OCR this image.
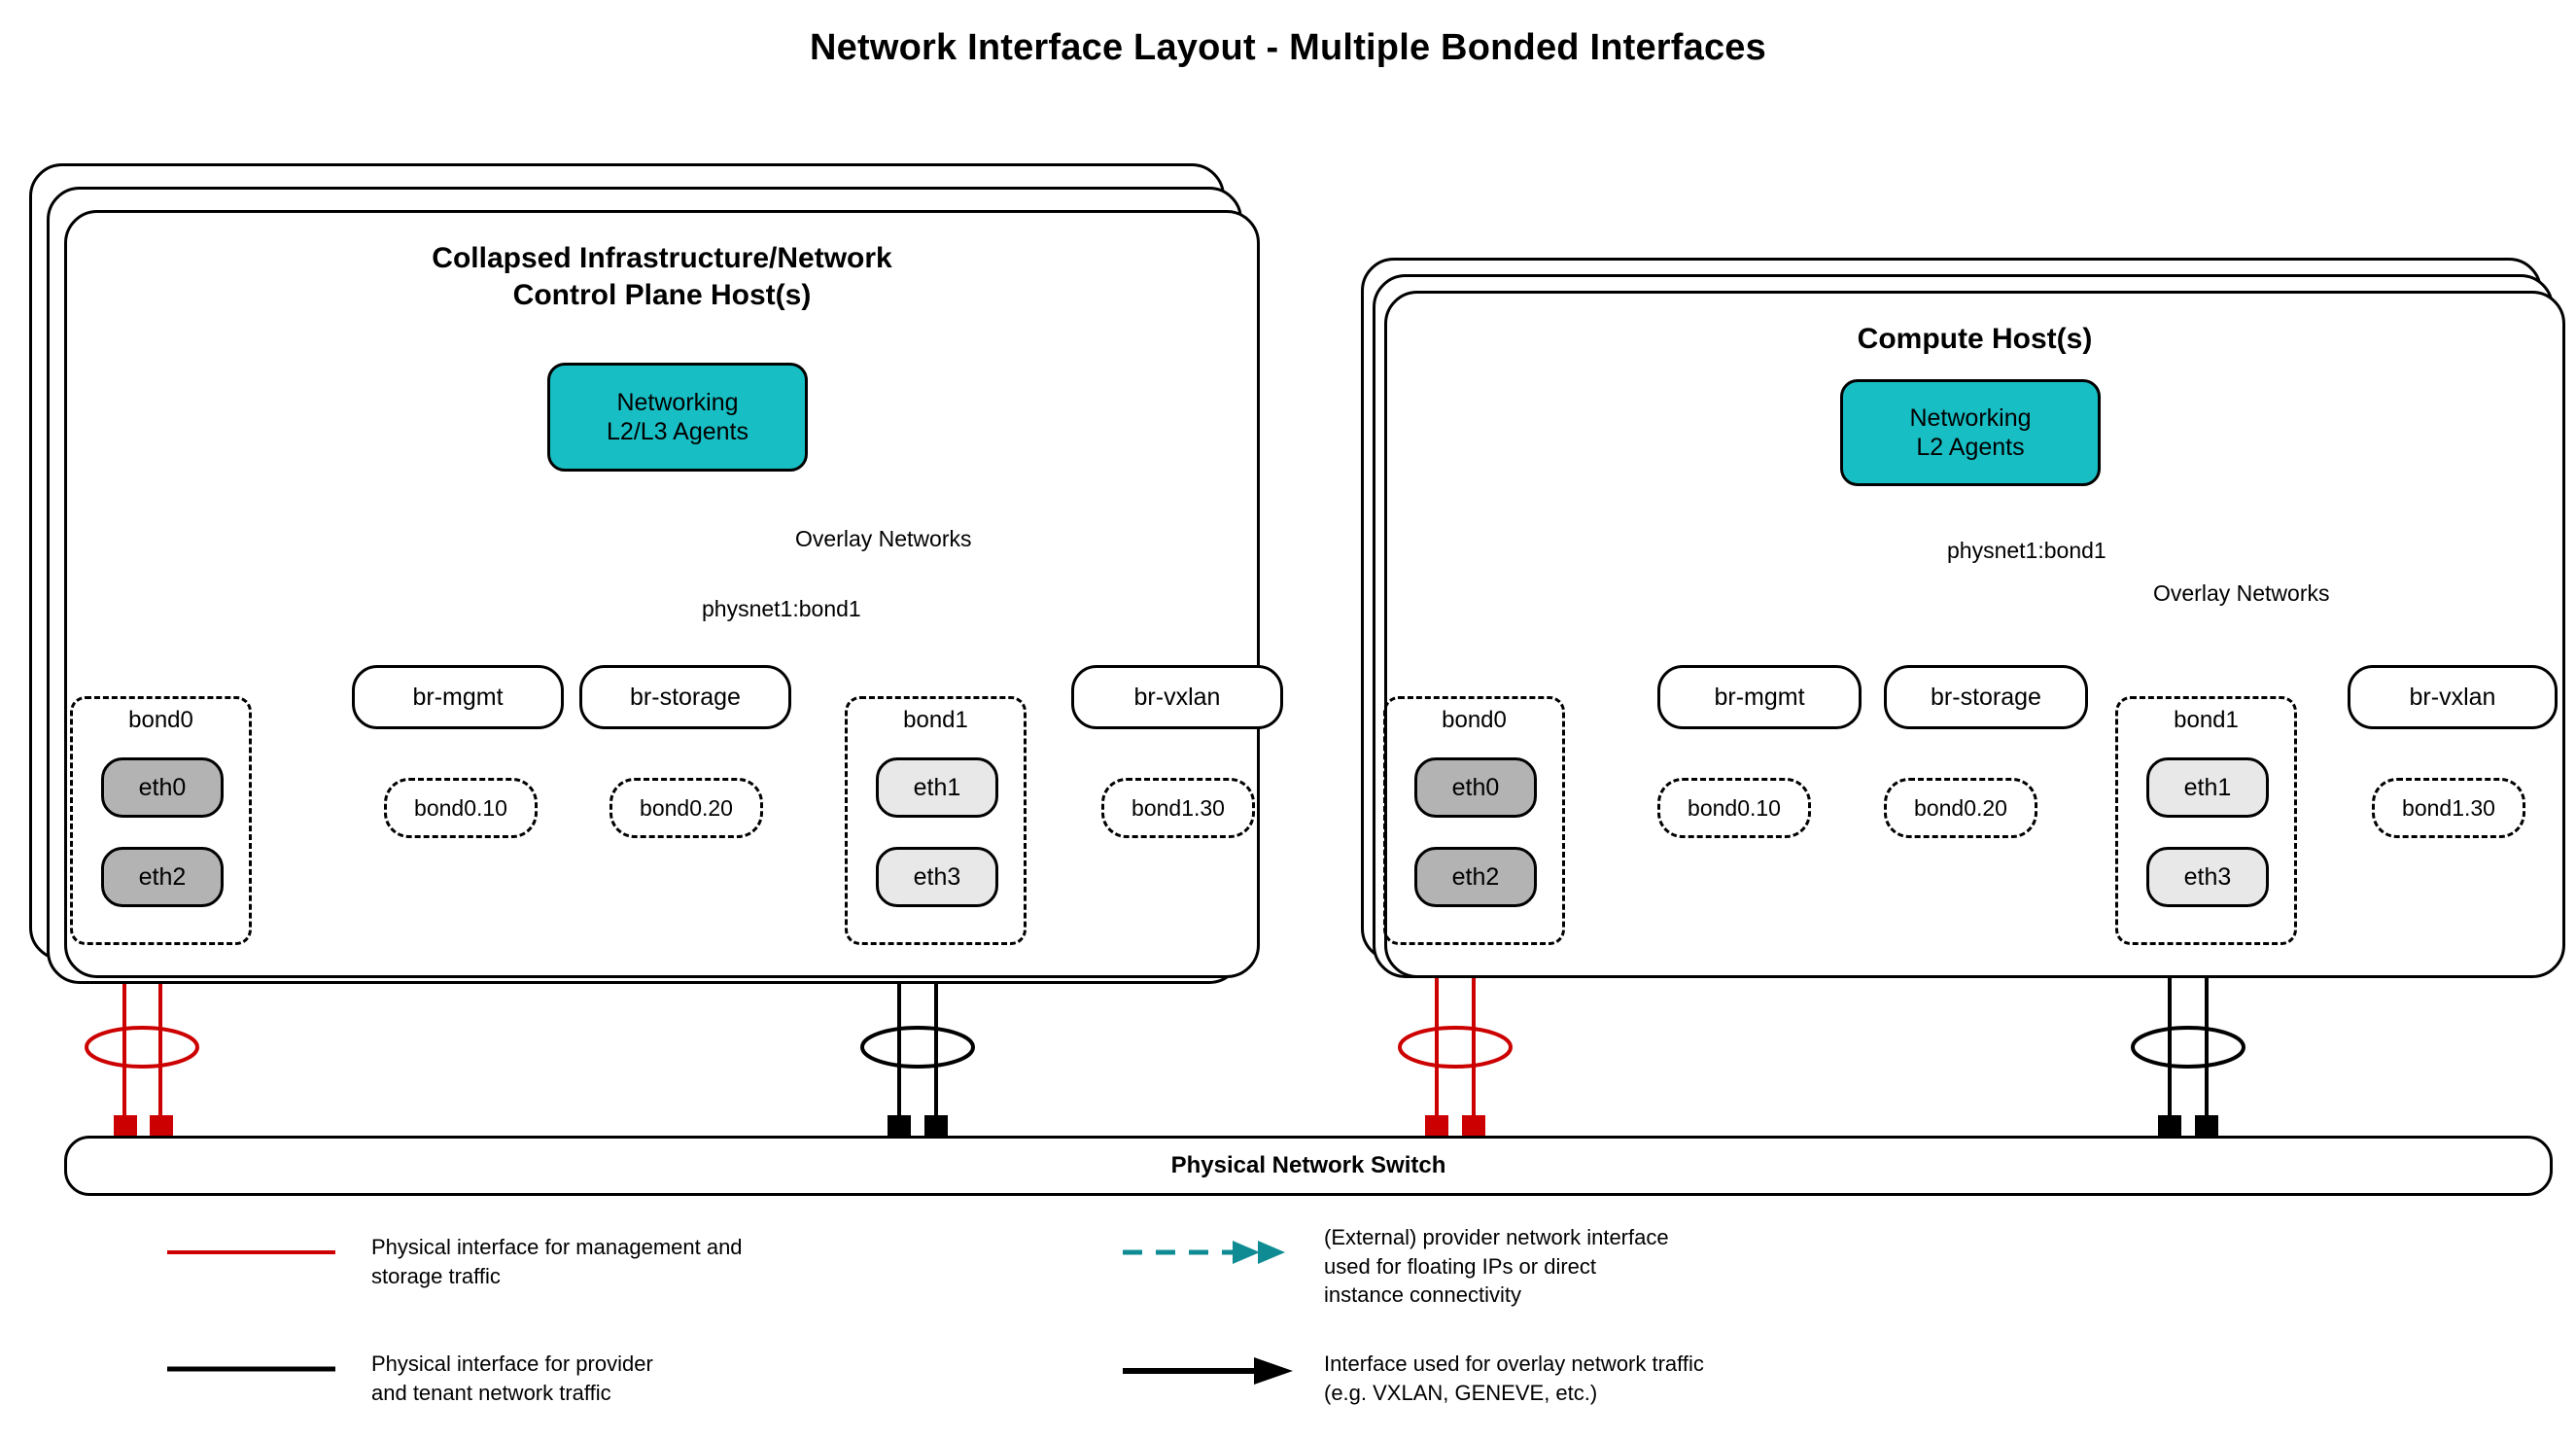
Network Interface Layout - Multiple Bonded Interfaces
Collapsed Infrastructure/Network
Control Plane Host(s)
Networking
L2/L3 Agents
Overlay Networks
physnet1:bond1
br-mgmt	br-storage	br-vxlan
bond0.10	bond0.20	bond1.30
bond0
eth0
eth2
bond1
eth1
eth3
Compute Host(s)
Networking
L2 Agents
physnet1:bond1
Overlay Networks
br-mgmt	br-storage	br-vxlan
bond0.10	bond0.20	bond1.30
bond0
eth0
eth2
bond1
eth1
eth3
Physical Network Switch
Physical interface for management and
storage traffic
Physical interface for provider
and tenant network traffic
(External) provider network interface
used for floating IPs or direct
instance connectivity
Interface used for overlay network traffic
(e.g. VXLAN, GENEVE, etc.)
